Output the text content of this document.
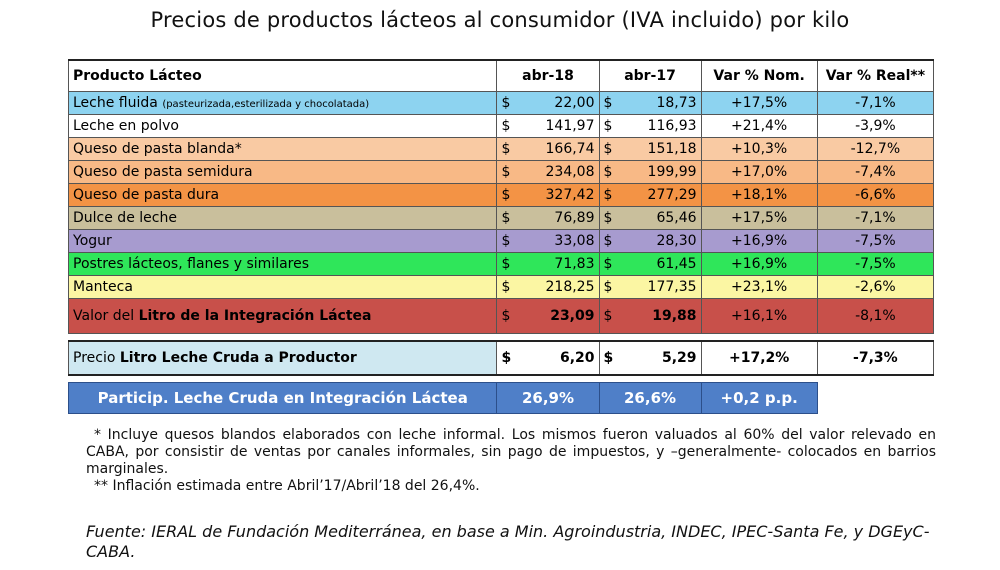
Precios de productos lácteos al consumidor (IVA incluido) por kilo
Producto Lácteo	abr-18		abr-17		Var % Nom.	Var % Real**
Leche fluida (pasteurizada,esterilizada y chocolatada)	$	22,00	$	18,73	+17,5%	-7,1%
Leche en polvo	$	141,97	$	116,93	+21,4%	-3,9%
Queso de pasta blanda*	$	166,74	$	151,18	+10,3%	-12,7%
Queso de pasta semidura	$	234,08	$	199,99	+17,0%	-7,4%
Queso de pasta dura	$	327,42	$	277,29	+18,1%	-6,6%
Dulce de leche	$	76,89	$	65,46	+17,5%	-7,1%
Yogur	$	33,08	$	28,30	+16,9%	-7,5%
Postres lácteos, flanes y similares	$	71,83	$	61,45	+16,9%	-7,5%
Manteca	$	218,25	$	177,35	+23,1%	-2,6%
Valor del Litro de la Integración Láctea	$	23,09	$	19,88	+16,1%	-8,1%

Precio Litro Leche Cruda a Productor	$	6,20	$	5,29	+17,2%	-7,3%

Particip. Leche Cruda en Integración Láctea	26,9%		26,6%		+0,2 p.p.	

* Incluye quesos blandos elaborados con leche informal. Los mismos fueron valuados al 60% del valor relevado en CABA, por consistir de ventas por canales informales, sin pago de impuestos, y –generalmente- colocados en barrios marginales.

** Inflación estimada entre Abril’17/Abril’18 del 26,4%.

Fuente: IERAL de Fundación Mediterránea, en base a Min. Agroindustria, INDEC, IPEC-Santa Fe, y DGEyC-CABA.
